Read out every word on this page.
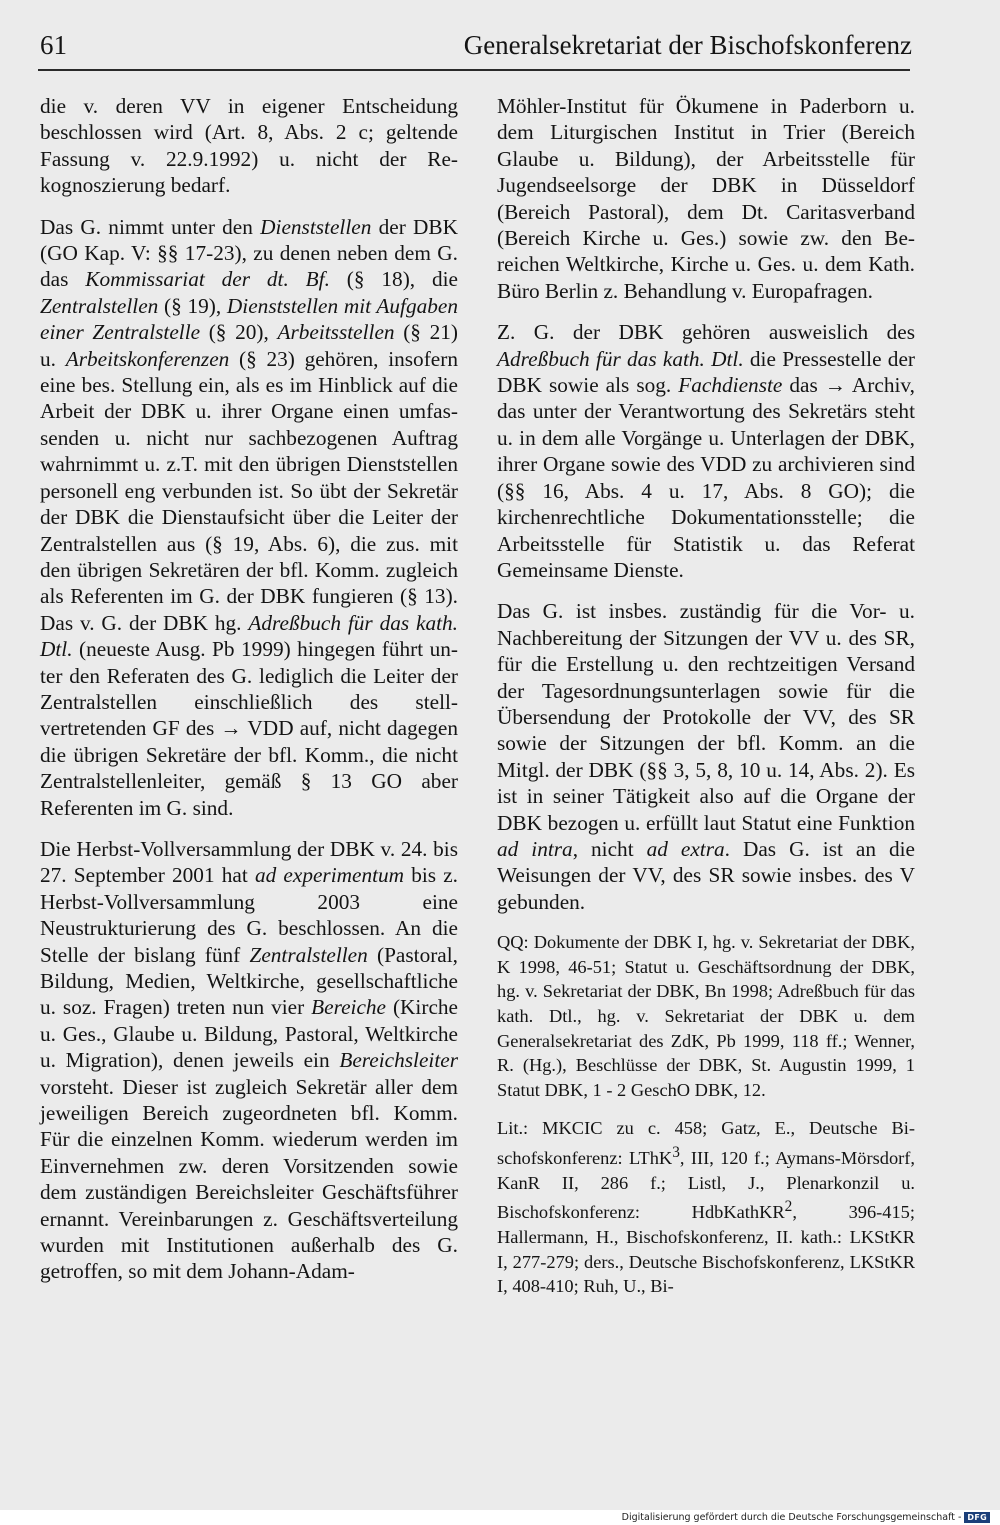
61	Generalsekretariat der Bischofskonferenz

die v. deren VV in eigener Entscheidung beschlossen wird (Art. 8, Abs. 2 c; geltende Fassung v. 22.9.1992) u. nicht der Rekognoszierung bedarf.

Das G. nimmt unter den Dienststellen der DBK (GO Kap. V: §§ 17-23), zu denen neben dem G. das Kommissariat der dt. Bf. (§ 18), die Zentralstellen (§ 19), Dienststellen mit Aufgaben einer Zentralstelle (§ 20), Arbeitsstellen (§ 21) u. Arbeitskonferenzen (§ 23) gehören, insofern eine bes. Stellung ein, als es im Hinblick auf die Arbeit der DBK u. ihrer Organe einen umfassenden u. nicht nur sachbezogenen Auftrag wahrnimmt u. z.T. mit den übrigen Dienststellen personell eng verbunden ist. So übt der Sekretär der DBK die Dienstaufsicht über die Leiter der Zentralstellen aus (§ 19, Abs. 6), die zus. mit den übrigen Sekretären der bfl. Komm. zugleich als Referenten im G. der DBK fungieren (§ 13). Das v. G. der DBK hg. Adreßbuch für das kath. Dtl. (neueste Ausg. Pb 1999) hingegen führt unter den Referaten des G. lediglich die Leiter der Zentralstellen einschließlich des stellvertretenden GF des → VDD auf, nicht dagegen die übrigen Sekretäre der bfl. Komm., die nicht Zentralstellenleiter, gemäß § 13 GO aber Referenten im G. sind.

Die Herbst-Vollversammlung der DBK v. 24. bis 27. September 2001 hat ad experimentum bis z. Herbst-Vollversammlung 2003 eine Neustrukturierung des G. beschlossen. An die Stelle der bislang fünf Zentralstellen (Pastoral, Bildung, Medien, Weltkirche, gesellschaftliche u. soz. Fragen) treten nun vier Bereiche (Kirche u. Ges., Glaube u. Bildung, Pastoral, Weltkirche u. Migration), denen jeweils ein Bereichsleiter vorsteht. Dieser ist zugleich Sekretär aller dem jeweiligen Bereich zugeordneten bfl. Komm. Für die einzelnen Komm. wiederum werden im Einvernehmen zw. deren Vorsitzenden sowie dem zuständigen Bereichsleiter Geschäftsführer ernannt. Vereinbarungen z. Geschäftsverteilung wurden mit Institutionen außerhalb des G. getroffen, so mit dem Johann-Adam-

Möhler-Institut für Ökumene in Paderborn u. dem Liturgischen Institut in Trier (Bereich Glaube u. Bildung), der Arbeitsstelle für Jugendseelsorge der DBK in Düsseldorf (Bereich Pastoral), dem Dt. Caritasverband (Bereich Kirche u. Ges.) sowie zw. den Bereichen Weltkirche, Kirche u. Ges. u. dem Kath. Büro Berlin z. Behandlung v. Europafragen.

Z. G. der DBK gehören ausweislich des Adreßbuch für das kath. Dtl. die Pressestelle der DBK sowie als sog. Fachdienste das → Archiv, das unter der Verantwortung des Sekretärs steht u. in dem alle Vorgänge u. Unterlagen der DBK, ihrer Organe sowie des VDD zu archivieren sind (§§ 16, Abs. 4 u. 17, Abs. 8 GO); die kirchenrechtliche Dokumentationsstelle; die Arbeitsstelle für Statistik u. das Referat Gemeinsame Dienste.

Das G. ist insbes. zuständig für die Vor- u. Nachbereitung der Sitzungen der VV u. des SR, für die Erstellung u. den rechtzeitigen Versand der Tagesordnungsunterlagen sowie für die Übersendung der Protokolle der VV, des SR sowie der Sitzungen der bfl. Komm. an die Mitgl. der DBK (§§ 3, 5, 8, 10 u. 14, Abs. 2). Es ist in seiner Tätigkeit also auf die Organe der DBK bezogen u. erfüllt laut Statut eine Funktion ad intra, nicht ad extra. Das G. ist an die Weisungen der VV, des SR sowie insbes. des V gebunden.

QQ: Dokumente der DBK I, hg. v. Sekretariat der DBK, K 1998, 46-51; Statut u. Geschäftsordnung der DBK, hg. v. Sekretariat der DBK, Bn 1998; Adreßbuch für das kath. Dtl., hg. v. Sekretariat der DBK u. dem Generalsekretariat des ZdK, Pb 1999, 118 ff.; Wenner, R. (Hg.), Beschlüsse der DBK, St. Augustin 1999, 1 Statut DBK, 1 - 2 GeschO DBK, 12.

Lit.: MKCIC zu c. 458; Gatz, E., Deutsche Bischofskonferenz: LThK$^3$, III, 120 f.; Aymans-Mörsdorf, KanR II, 286 f.; Listl, J., Plenarkonzil u. Bischofskonferenz: HdbKathKR$^2$, 396-415; Hallermann, H., Bischofskonferenz, II. kath.: LKStKR I, 277-279; ders., Deutsche Bischofskonferenz, LKStKR I, 408-410; Ruh, U., Bi-

Digitalisierung gefördert durch die Deutsche Forschungsgemeinschaft - DFG
